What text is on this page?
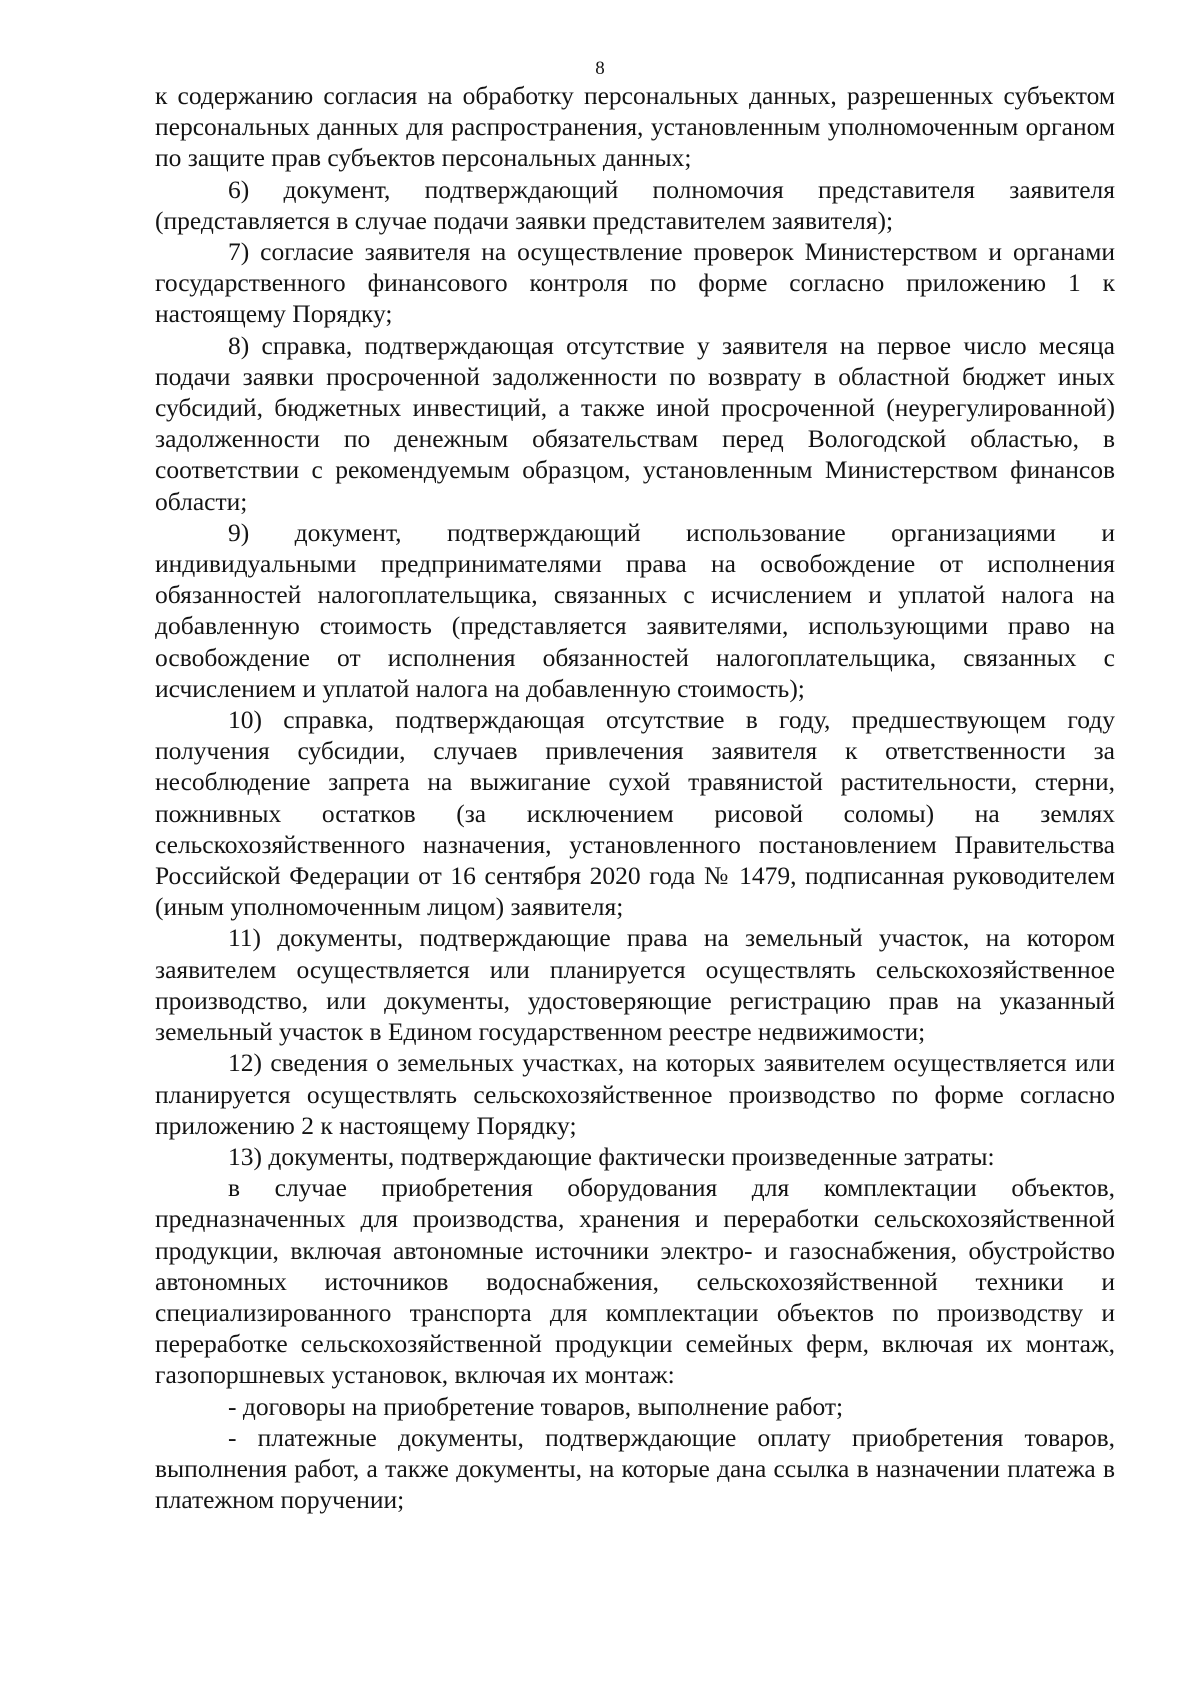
8

к содержанию согласия на обработку персональных данных, разрешенных субъектом персональных данных для распространения, установленным уполномоченным органом по защите прав субъектов персональных данных;

6) документ, подтверждающий полномочия представителя заявителя (представляется в случае подачи заявки представителем заявителя);

7) согласие заявителя на осуществление проверок Министерством и органами государственного финансового контроля по форме согласно приложению 1 к настоящему Порядку;

8) справка, подтверждающая отсутствие у заявителя на первое число месяца подачи заявки просроченной задолженности по возврату в областной бюджет иных субсидий, бюджетных инвестиций, а также иной просроченной (неурегулированной) задолженности по денежным обязательствам перед Вологодской областью, в соответствии с рекомендуемым образцом, установленным Министерством финансов области;

9) документ, подтверждающий использование организациями и индивидуальными предпринимателями права на освобождение от исполнения обязанностей налогоплательщика, связанных с исчислением и уплатой налога на добавленную стоимость (представляется заявителями, использующими право на освобождение от исполнения обязанностей налогоплательщика, связанных с исчислением и уплатой налога на добавленную стоимость);

10) справка, подтверждающая отсутствие в году, предшествующем году получения субсидии, случаев привлечения заявителя к ответственности за несоблюдение запрета на выжигание сухой травянистой растительности, стерни, пожнивных остатков (за исключением рисовой соломы) на землях сельскохозяйственного назначения, установленного постановлением Правительства Российской Федерации от 16 сентября 2020 года № 1479, подписанная руководителем (иным уполномоченным лицом) заявителя;

11) документы, подтверждающие права на земельный участок, на котором заявителем осуществляется или планируется осуществлять сельскохозяйственное производство, или документы, удостоверяющие регистрацию прав на указанный земельный участок в Едином государственном реестре недвижимости;

12) сведения о земельных участках, на которых заявителем осуществляется или планируется осуществлять сельскохозяйственное производство по форме согласно приложению 2 к настоящему Порядку;

13) документы, подтверждающие фактически произведенные затраты:

в случае приобретения оборудования для комплектации объектов, предназначенных для производства, хранения и переработки сельскохозяйственной продукции, включая автономные источники электро- и газоснабжения, обустройство автономных источников водоснабжения, сельскохозяйственной техники и специализированного транспорта для комплектации объектов по производству и переработке сельскохозяйственной продукции семейных ферм, включая их монтаж, газопоршневых установок, включая их монтаж:

- договоры на приобретение товаров, выполнение работ;

- платежные документы, подтверждающие оплату приобретения товаров, выполнения работ, а также документы, на которые дана ссылка в назначении платежа в платежном поручении;
